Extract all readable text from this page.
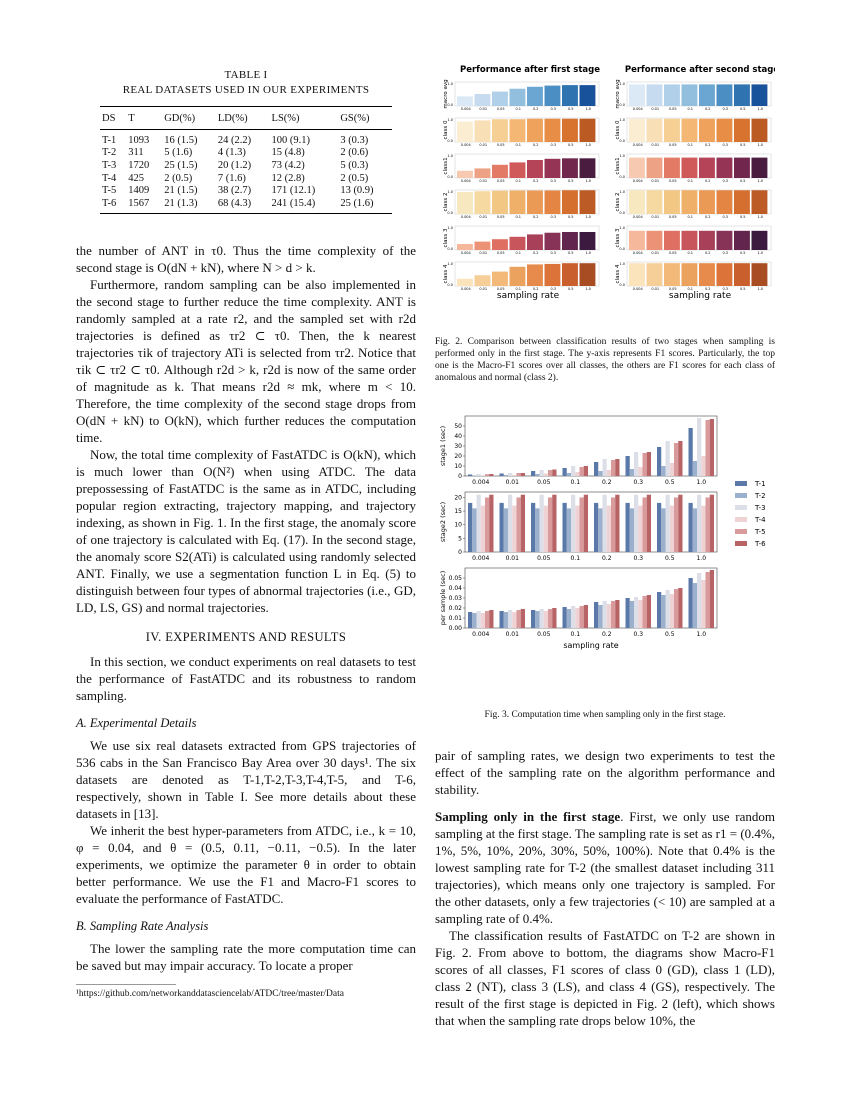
TABLE I
REAL DATASETS USED IN OUR EXPERIMENTS
DS	T	GD(%)	LD(%)	LS(%)	GS(%)
T-1	1093	16 (1.5)	24 (2.2)	100 (9.1)	3 (0.3)
T-2	311	5 (1.6)	4 (1.3)	15 (4.8)	2 (0.6)
T-3	1720	25 (1.5)	20 (1.2)	73 (4.2)	5 (0.3)
T-4	425	2 (0.5)	7 (1.6)	12 (2.8)	2 (0.5)
T-5	1409	21 (1.5)	38 (2.7)	171 (12.1)	13 (0.9)
T-6	1567	21 (1.3)	68 (4.3)	241 (15.4)	25 (1.6)

the number of ANT in τ0. Thus the time complexity of the second stage is O(dN + kN), where N > d > k.

Furthermore, random sampling can be also implemented in the second stage to further reduce the time complexity. ANT is randomly sampled at a rate r2, and the sampled set with r2d trajectories is defined as τr2 ⊂ τ0. Then, the k nearest trajectories τik of trajectory ATi is selected from τr2. Notice that τik ⊂ τr2 ⊂ τ0. Although r2d > k, r2d is now of the same order of magnitude as k. That means r2d ≈ mk, where m < 10. Therefore, the time complexity of the second stage drops from O(dN + kN) to O(kN), which further reduces the computation time.

Now, the total time complexity of FastATDC is O(kN), which is much lower than O(N²) when using ATDC. The data prepossessing of FastATDC is the same as in ATDC, including popular region extracting, trajectory mapping, and trajectory indexing, as shown in Fig. 1. In the first stage, the anomaly score of one trajectory is calculated with Eq. (17). In the second stage, the anomaly score S2(ATi) is calculated using randomly selected ANT. Finally, we use a segmentation function L in Eq. (5) to distinguish between four types of abnormal trajectories (i.e., GD, LD, LS, GS) and normal trajectories.

IV. EXPERIMENTS AND RESULTS

In this section, we conduct experiments on real datasets to test the performance of FastATDC and its robustness to random sampling.

A. Experimental Details

We use six real datasets extracted from GPS trajectories of 536 cabs in the San Francisco Bay Area over 30 days¹. The six datasets are denoted as T-1,T-2,T-3,T-4,T-5, and T-6, respectively, shown in Table I. See more details about these datasets in [13].

We inherit the best hyper-parameters from ATDC, i.e., k = 10, φ = 0.04, and θ = (0.5, 0.11, −0.11, −0.5). In the later experiments, we optimize the parameter θ in order to obtain better performance. We use the F1 and Macro-F1 scores to evaluate the performance of FastATDC.

B. Sampling Rate Analysis

The lower the sampling rate the more computation time can be saved but may impair accuracy. To locate a proper

¹https://github.com/networkanddatasciencelab/ATDC/tree/master/Data
Performance after first stage
macro avg
1.0
0.0
0.004 0.01	0.05	0.1	0.2	0.3	0.5	1.0
class 0
1.0
0.0
0.004 0.01	0.05	0.1	0.2	0.3	0.5	1.0
class1
1.0
0.0
0.004 0.01	0.05	0.1	0.2	0.3	0.5	1.0
class 2
1.0
0.0
0.004 0.01	0.05	0.1	0.2	0.3	0.5	1.0
class 3
1.0
0.0
0.004 0.01	0.05	0.1	0.2	0.3	0.5	1.0
class 4
1.0
0.0
0.004 0.01	0.05	0.1	0.2	0.3	0.5	1.0
sampling rate
Performance after second stage
macro avg
1.0
0.0
0.004 0.01	0.05	0.1	0.2	0.3	0.5	1.0
class 0
1.0
0.0
0.004 0.01	0.05	0.1	0.2	0.3	0.5	1.0
class1
1.0
0.0
0.004 0.01	0.05	0.1	0.2	0.3	0.5	1.0
class 2
1.0
0.0
0.004 0.01	0.05	0.1	0.2	0.3	0.5	1.0
class 3
1.0
0.0
0.004 0.01	0.05	0.1	0.2	0.3	0.5	1.0
class 4
1.0
0.0
0.004 0.01	0.05	0.1	0.2	0.3	0.5	1.0
sampling rate
Fig. 2. Comparison between classification results of two stages when sampling is performed only in the first stage. The y-axis represents F1 scores. Particularly, the top one is the Macro-F1 scores over all classes, the others are F1 scores for each class of anomalous and normal (class 2).
0
10
20
30
40
50
stage1 (sec)
0.004	0.01	0.05	0.1	0.2	0.3	0.5	1.0
0
5
10
15
20
stage2 (sec)
0.004	0.01	0.05	0.1	0.2	0.3	0.5	1.0
0.00
0.01
0.02
0.03
0.04
0.05
per sample (sec)
0.004	0.01	0.05	0.1	0.2	0.3	0.5	1.0
sampling rate
T-1
T-2
T-3
T-4
T-5
T-6
Fig. 3. Computation time when sampling only in the first stage.

pair of sampling rates, we design two experiments to test the effect of the sampling rate on the algorithm performance and stability.

Sampling only in the first stage. First, we only use random sampling at the first stage. The sampling rate is set as r1 = (0.4%, 1%, 5%, 10%, 20%, 30%, 50%, 100%). Note that 0.4% is the lowest sampling rate for T-2 (the smallest dataset including 311 trajectories), which means only one trajectory is sampled. For the other datasets, only a few trajectories (< 10) are sampled at a sampling rate of 0.4%.

The classification results of FastATDC on T-2 are shown in Fig. 2. From above to bottom, the diagrams show Macro-F1 scores of all classes, F1 scores of class 0 (GD), class 1 (LD), class 2 (NT), class 3 (LS), and class 4 (GS), respectively. The result of the first stage is depicted in Fig. 2 (left), which shows that when the sampling rate drops below 10%, the
